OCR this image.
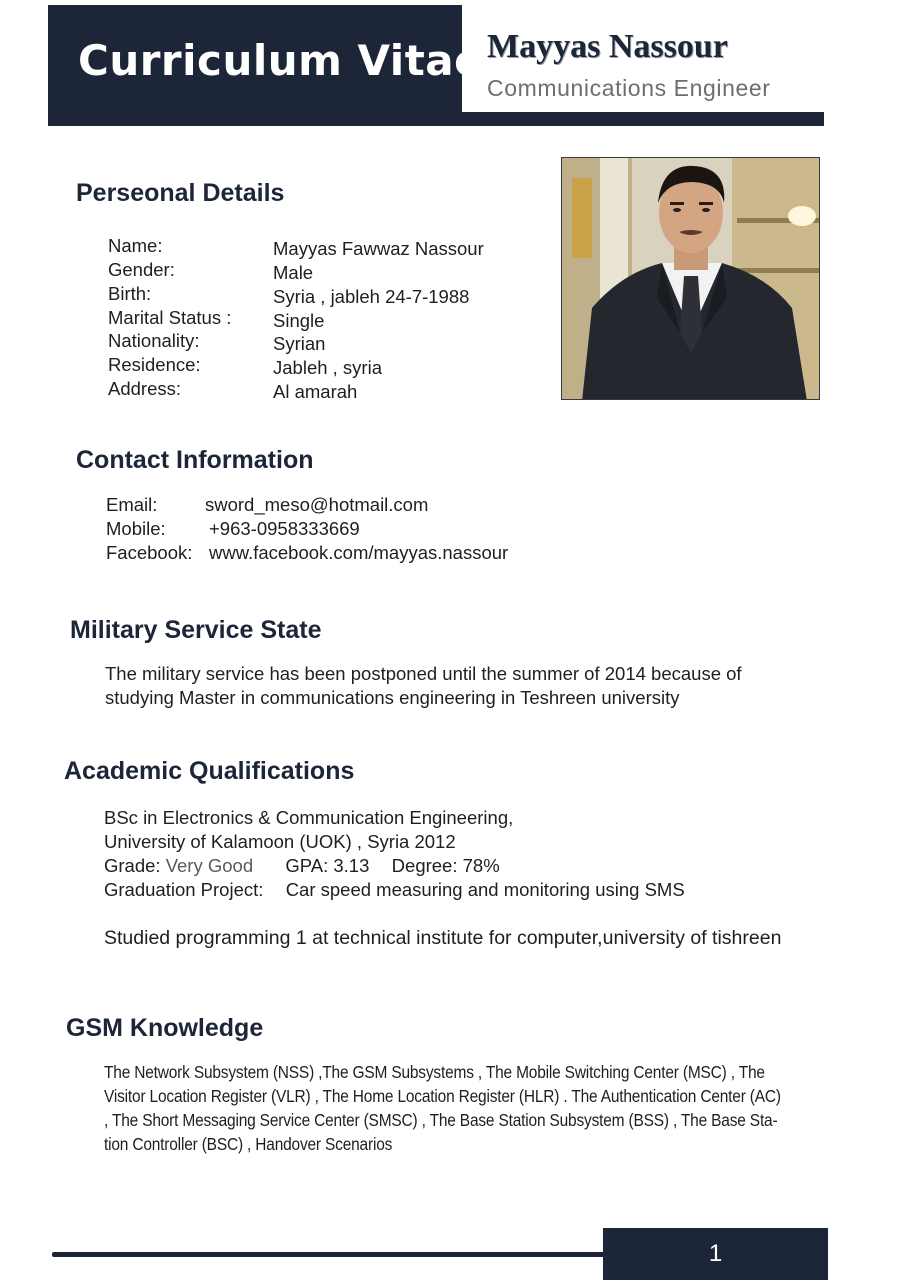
Curriculum Vitae Mayyas Nassour
Communications Engineer
Perseonal Details
Name:	Mayyas Fawwaz Nassour
Gender:	Male
Birth:	Syria , jableh 24-7-1988
Marital Status : Single
Nationality:	Syrian
Residence:	Jableh , syria
Address:	Al amarah
Contact Information
Email:	sword_meso@hotmail.com
Mobile: +963-0958333669
Facebook: www.facebook.com/mayyas.nassour
Military Service State
The military service has been postponed until the summer of 2014 because of
studying Master in communications engineering in Teshreen university
Academic Qualifications
BSc in Electronics & Communication Engineering,
University of Kalamoon (UOK) , Syria 2012
Grade: Very Good GPA: 3.13 Degree: 78%
Graduation Project: Car speed measuring and monitoring using SMS
Studied programming 1 at technical institute for computer,university of tishreen
GSM Knowledge
The Network Subsystem (NSS) ,The GSM Subsystems , The Mobile Switching Center (MSC) , The
Visitor Location Register (VLR) , The Home Location Register (HLR) . The Authentication Center (AC)
, The Short Messaging Service Center (SMSC) , The Base Station Subsystem (BSS) , The Base Sta-
tion Controller (BSC) , Handover Scenarios
1
